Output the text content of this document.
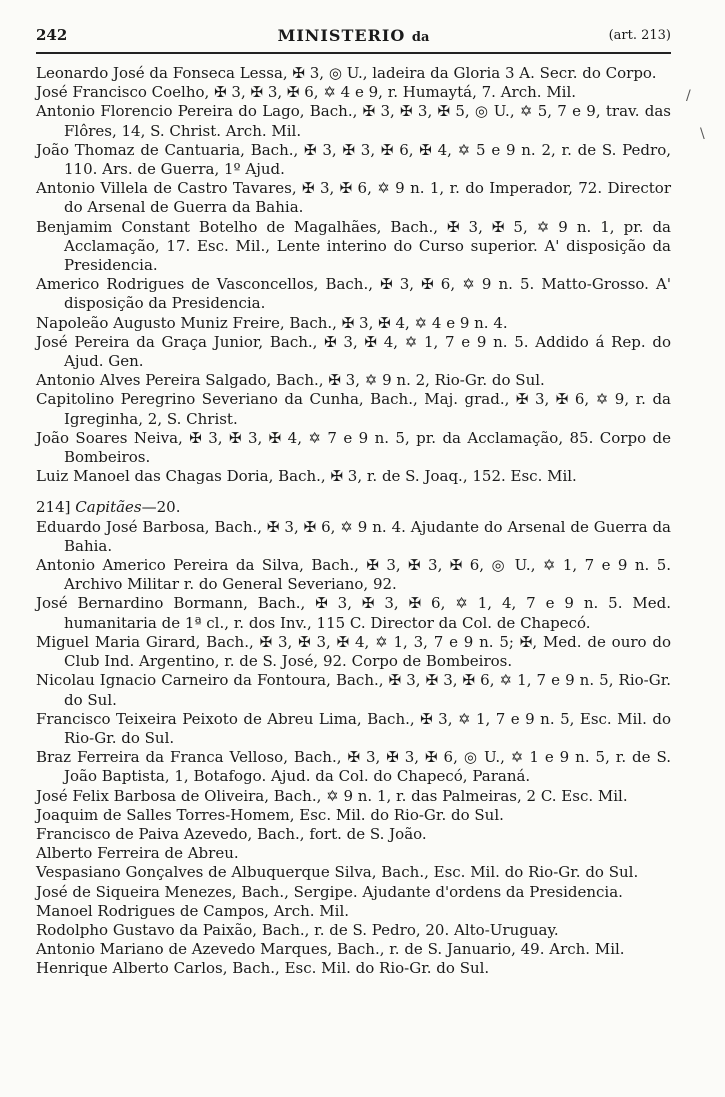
242	MINISTERIO da	(art. 213)
Leonardo José da Fonseca Lessa, ✠ 3, ◎ U., ladeira da Gloria 3 A. Secr. do Corpo.
José Francisco Coelho, ✠ 3, ✠ 3, ✠ 6, ✡ 4 e 9, r. Humaytá, 7. Arch. Mil.
Antonio Florencio Pereira do Lago, Bach., ✠ 3, ✠ 3, ✠ 5, ◎ U., ✡ 5, 7 e 9, trav. das Flôres, 14, S. Christ. Arch. Mil.
João Thomaz de Cantuaria, Bach., ✠ 3, ✠ 3, ✠ 6, ✠ 4, ✡ 5 e 9 n. 2, r. de S. Pedro, 110. Ars. de Guerra, 1º Ajud.
Antonio Villela de Castro Tavares, ✠ 3, ✠ 6, ✡ 9 n. 1, r. do Imperador, 72. Director do Arsenal de Guerra da Bahia.
Benjamim Constant Botelho de Magalhães, Bach., ✠ 3, ✠ 5, ✡ 9 n. 1, pr. da Acclamação, 17. Esc. Mil., Lente interino do Curso superior. A' disposição da Presidencia.
Americo Rodrigues de Vasconcellos, Bach., ✠ 3, ✠ 6, ✡ 9 n. 5. Matto-Grosso. A' disposição da Presidencia.
Napoleão Augusto Muniz Freire, Bach., ✠ 3, ✠ 4, ✡ 4 e 9 n. 4.
José Pereira da Graça Junior, Bach., ✠ 3, ✠ 4, ✡ 1, 7 e 9 n. 5. Addido á Rep. do Ajud. Gen.
Antonio Alves Pereira Salgado, Bach., ✠ 3, ✡ 9 n. 2, Rio-Gr. do Sul.
Capitolino Peregrino Severiano da Cunha, Bach., Maj. grad., ✠ 3, ✠ 6, ✡ 9, r. da Igreginha, 2, S. Christ.
João Soares Neiva, ✠ 3, ✠ 3, ✠ 4, ✡ 7 e 9 n. 5, pr. da Acclamação, 85. Corpo de Bombeiros.
Luiz Manoel das Chagas Doria, Bach., ✠ 3, r. de S. Joaq., 152. Esc. Mil.
214] Capitães—20.
Eduardo José Barbosa, Bach., ✠ 3, ✠ 6, ✡ 9 n. 4. Ajudante do Arsenal de Guerra da Bahia.
Antonio Americo Pereira da Silva, Bach., ✠ 3, ✠ 3, ✠ 6, ◎ U., ✡ 1, 7 e 9 n. 5. Archivo Militar r. do General Severiano, 92.
José Bernardino Bormann, Bach., ✠ 3, ✠ 3, ✠ 6, ✡ 1, 4, 7 e 9 n. 5. Med. humanitaria de 1ª cl., r. dos Inv., 115 C. Director da Col. de Chapecó.
Miguel Maria Girard, Bach., ✠ 3, ✠ 3, ✠ 4, ✡ 1, 3, 7 e 9 n. 5; ✠, Med. de ouro do Club Ind. Argentino, r. de S. José, 92. Corpo de Bombeiros.
Nicolau Ignacio Carneiro da Fontoura, Bach., ✠ 3, ✠ 3, ✠ 6, ✡ 1, 7 e 9 n. 5, Rio-Gr. do Sul.
Francisco Teixeira Peixoto de Abreu Lima, Bach., ✠ 3, ✡ 1, 7 e 9 n. 5, Esc. Mil. do Rio-Gr. do Sul.
Braz Ferreira da Franca Velloso, Bach., ✠ 3, ✠ 3, ✠ 6, ◎ U., ✡ 1 e 9 n. 5, r. de S. João Baptista, 1, Botafogo. Ajud. da Col. do Chapecó, Paraná.
José Felix Barbosa de Oliveira, Bach., ✡ 9 n. 1, r. das Palmeiras, 2 C. Esc. Mil.
Joaquim de Salles Torres-Homem, Esc. Mil. do Rio-Gr. do Sul.
Francisco de Paiva Azevedo, Bach., fort. de S. João.
Alberto Ferreira de Abreu.
Vespasiano Gonçalves de Albuquerque Silva, Bach., Esc. Mil. do Rio-Gr. do Sul.
José de Siqueira Menezes, Bach., Sergipe. Ajudante d'ordens da Presidencia.
Manoel Rodrigues de Campos, Arch. Mil.
Rodolpho Gustavo da Paixão, Bach., r. de S. Pedro, 20. Alto-Uruguay.
Antonio Mariano de Azevedo Marques, Bach., r. de S. Januario, 49. Arch. Mil.
Henrique Alberto Carlos, Bach., Esc. Mil. do Rio-Gr. do Sul.
/
\
